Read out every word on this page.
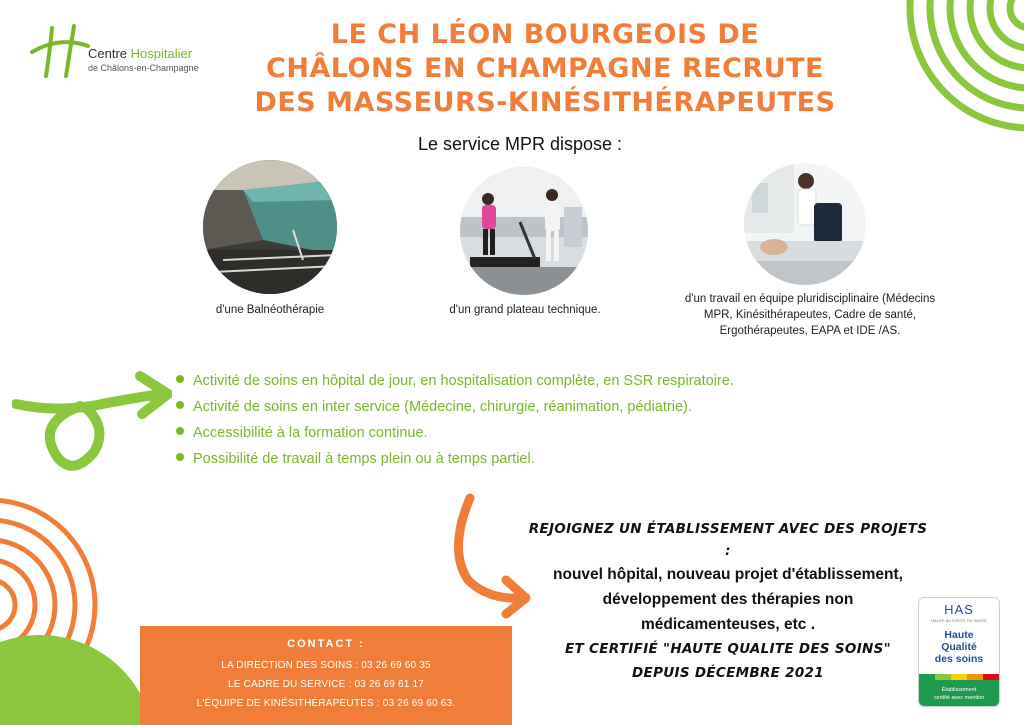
Centre Hospitalier
de Châlons-en-Champagne
LE CH LÉON BOURGEOIS DE
CHÂLONS EN CHAMPAGNE RECRUTE
DES MASSEURS-KINÉSITHÉRAPEUTES
Le service MPR dispose :
d'une Balnéothérapie	d'un grand plateau technique.
d'un travail en équipe pluridisciplinaire (Médecins
MPR, Kinésithérapeutes, Cadre de santé,
Ergothérapeutes, EAPA et IDE /AS.
Activité de soins en hôpital de jour, en hospitalisation complète, en SSR respiratoire.
Activité de soins en inter service (Médecine, chirurgie, réanimation, pédiatrie).
Accessibilité à la formation continue.
Possibilité de travail à temps plein ou à temps partiel.
REJOIGNEZ UN ÉTABLISSEMENT AVEC DES PROJETS :
nouvel hôpital, nouveau projet d'établissement,
développement des thérapies non
médicamenteuses, etc .
ET CERTIFIÉ "HAUTE QUALITE DES SOINS"
DEPUIS DÉCEMBRE 2021
CONTACT :
LA DIRECTION DES SOINS : 03 26 69 60 35
LE CADRE DU SERVICE : 03 26 69 61 17
L'ÉQUIPE DE KINÉSITHÉRAPEUTES : 03 26 69 60 63.
HAS
HAUTE AUTORITÉ DE SANTÉ
Haute
Qualité
des soins
Établissement
certifié avec mention
